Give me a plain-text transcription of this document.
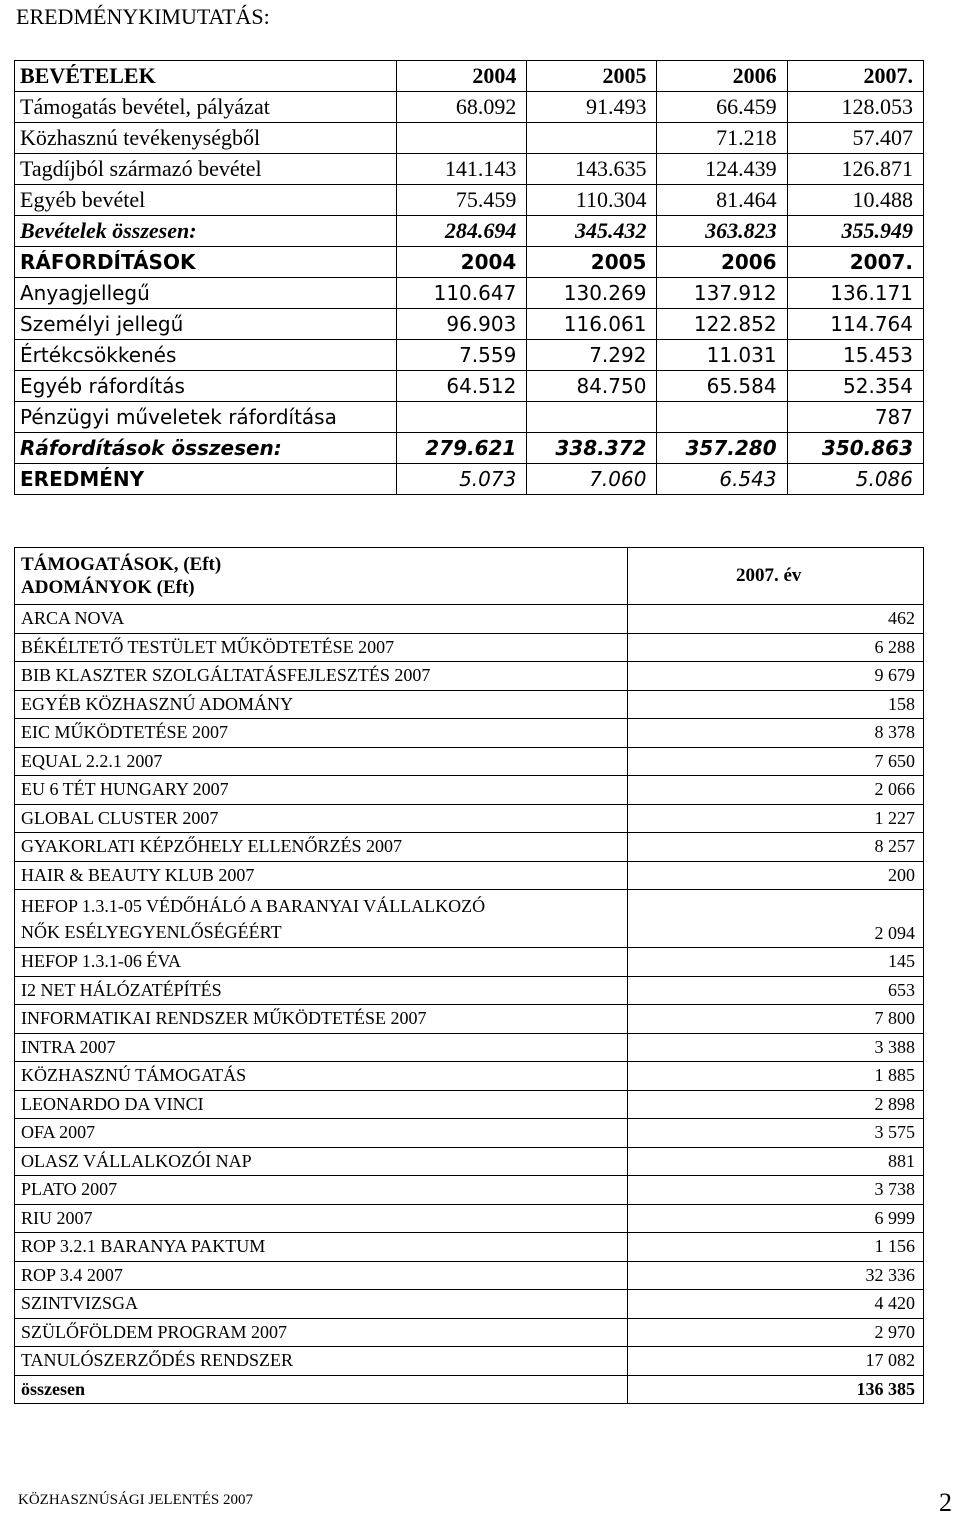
EREDMÉNYKIMUTATÁS:
BEVÉTELEK	2004	2005	2006	2007.
Támogatás bevétel, pályázat	68.092	91.493	66.459	128.053
Közhasznú tevékenységből			71.218	57.407
Tagdíjból származó bevétel	141.143	143.635	124.439	126.871
Egyéb bevétel	75.459	110.304	81.464	10.488
Bevételek összesen:	284.694	345.432	363.823	355.949
RÁFORDÍTÁSOK	2004	2005	2006	2007.
Anyagjellegű	110.647	130.269	137.912	136.171
Személyi jellegű	96.903	116.061	122.852	114.764
Értékcsökkenés	7.559	7.292	11.031	15.453
Egyéb ráfordítás	64.512	84.750	65.584	52.354
Pénzügyi műveletek ráfordítása				787
Ráfordítások összesen:	279.621	338.372	357.280	350.863
EREDMÉNY	5.073	7.060	6.543	5.086
TÁMOGATÁSOK, (Eft)
ADOMÁNYOK (Eft)	2007. év
ARCA NOVA	462
BÉKÉLTETŐ TESTÜLET MŰKÖDTETÉSE 2007	6 288
BIB KLASZTER SZOLGÁLTATÁSFEJLESZTÉS 2007	9 679
EGYÉB KÖZHASZNÚ ADOMÁNY	158
EIC MŰKÖDTETÉSE 2007	8 378
EQUAL 2.2.1 2007	7 650
EU 6 TÉT HUNGARY 2007	2 066
GLOBAL CLUSTER 2007	1 227
GYAKORLATI KÉPZŐHELY ELLENŐRZÉS 2007	8 257
HAIR & BEAUTY KLUB 2007	200

HEFOP 1.3.1-05 VÉDŐHÁLÓ A BARANYAI VÁLLALKOZÓ
NŐK ESÉLYEGYENLŐSÉGÉÉRT	2 094
HEFOP 1.3.1-06 ÉVA	145
I2 NET HÁLÓZATÉPÍTÉS	653
INFORMATIKAI RENDSZER MŰKÖDTETÉSE 2007	7 800
INTRA 2007	3 388
KÖZHASZNÚ TÁMOGATÁS	1 885
LEONARDO DA VINCI	2 898
OFA 2007	3 575
OLASZ VÁLLALKOZÓI NAP	881
PLATO 2007	3 738
RIU 2007	6 999
ROP 3.2.1 BARANYA PAKTUM	1 156
ROP 3.4 2007	32 336
SZINTVIZSGA	4 420
SZÜLŐFÖLDEM PROGRAM 2007	2 970
TANULÓSZERZŐDÉS RENDSZER	17 082
összesen	136 385
KÖZHASZNÚSÁGI JELENTÉS 2007	2
